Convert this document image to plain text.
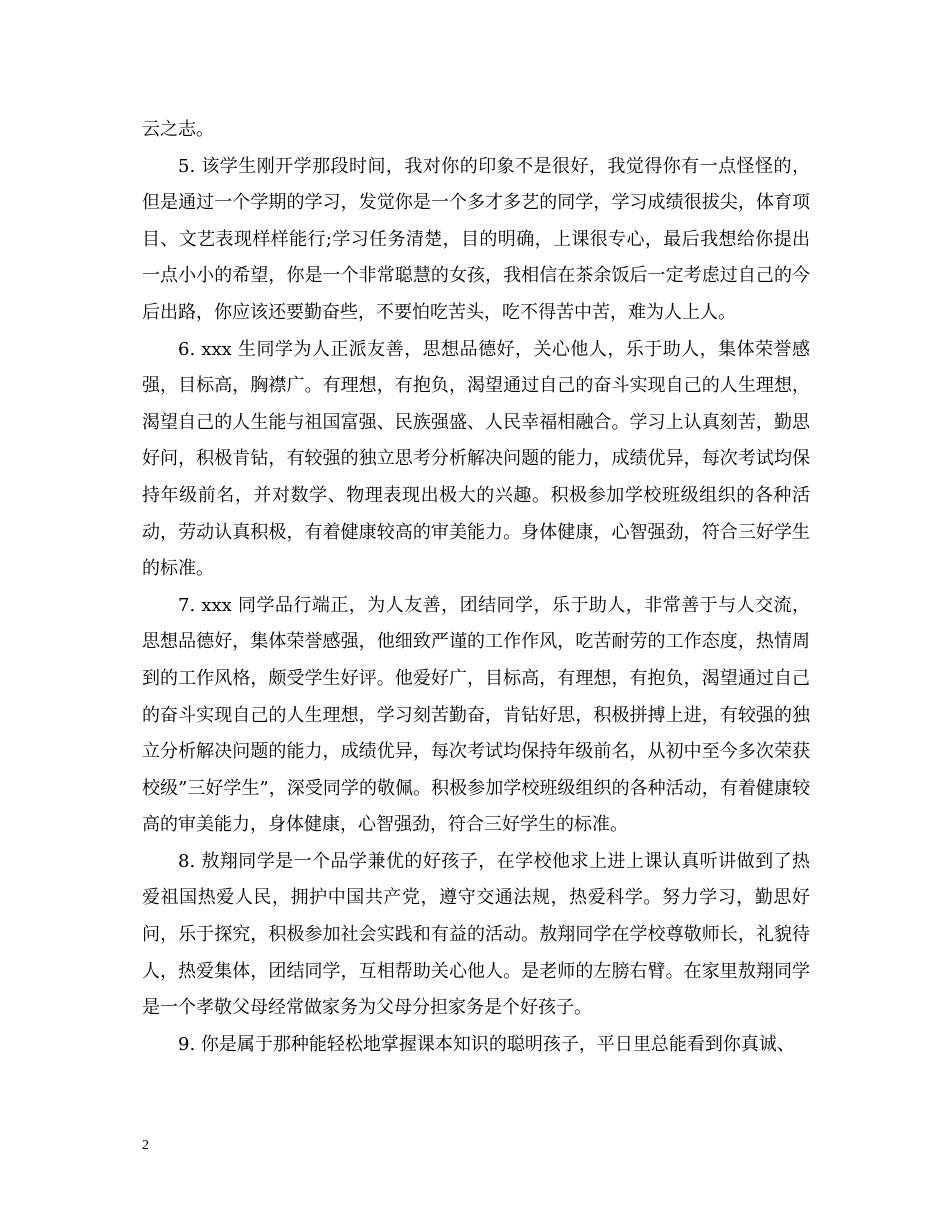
云之志。

5. 该学生刚开学那段时间，我对你的印象不是很好，我觉得你有一点怪怪的，但是通过一个学期的学习，发觉你是一个多才多艺的同学，学习成绩很拔尖，体育项目、文艺表现样样能行;学习任务清楚，目的明确，上课很专心，最后我想给你提出一点小小的希望，你是一个非常聪慧的女孩，我相信在茶余饭后一定考虑过自己的今后出路，你应该还要勤奋些，不要怕吃苦头，吃不得苦中苦，难为人上人。

6. xxx 生同学为人正派友善，思想品德好，关心他人，乐于助人，集体荣誉感强，目标高，胸襟广。有理想，有抱负，渴望通过自己的奋斗实现自己的人生理想，渴望自己的人生能与祖国富强、民族强盛、人民幸福相融合。学习上认真刻苦，勤思好问，积极肯钻，有较强的独立思考分析解决问题的能力，成绩优异，每次考试均保持年级前名，并对数学、物理表现出极大的兴趣。积极参加学校班级组织的各种活动，劳动认真积极，有着健康较高的审美能力。身体健康，心智强劲，符合三好学生的标准。

7. xxx 同学品行端正，为人友善，团结同学，乐于助人，非常善于与人交流，思想品德好，集体荣誉感强，他细致严谨的工作作风，吃苦耐劳的工作态度，热情周到的工作风格，颇受学生好评。他爱好广，目标高，有理想，有抱负，渴望通过自己的奋斗实现自己的人生理想，学习刻苦勤奋，肯钻好思，积极拼搏上进，有较强的独立分析解决问题的能力，成绩优异，每次考试均保持年级前名，从初中至今多次荣获校级”三好学生”，深受同学的敬佩。积极参加学校班级组织的各种活动，有着健康较高的审美能力，身体健康，心智强劲，符合三好学生的标准。

8. 敖翔同学是一个品学兼优的好孩子，在学校他求上进上课认真听讲做到了热爱祖国热爱人民，拥护中国共产党，遵守交通法规，热爱科学。努力学习，勤思好问，乐于探究，积极参加社会实践和有益的活动。敖翔同学在学校尊敬师长，礼貌待人，热爱集体，团结同学，互相帮助关心他人。是老师的左膀右臂。在家里敖翔同学是一个孝敬父母经常做家务为父母分担家务是个好孩子。

9. 你是属于那种能轻松地掌握课本知识的聪明孩子，平日里总能看到你真诚、

2
